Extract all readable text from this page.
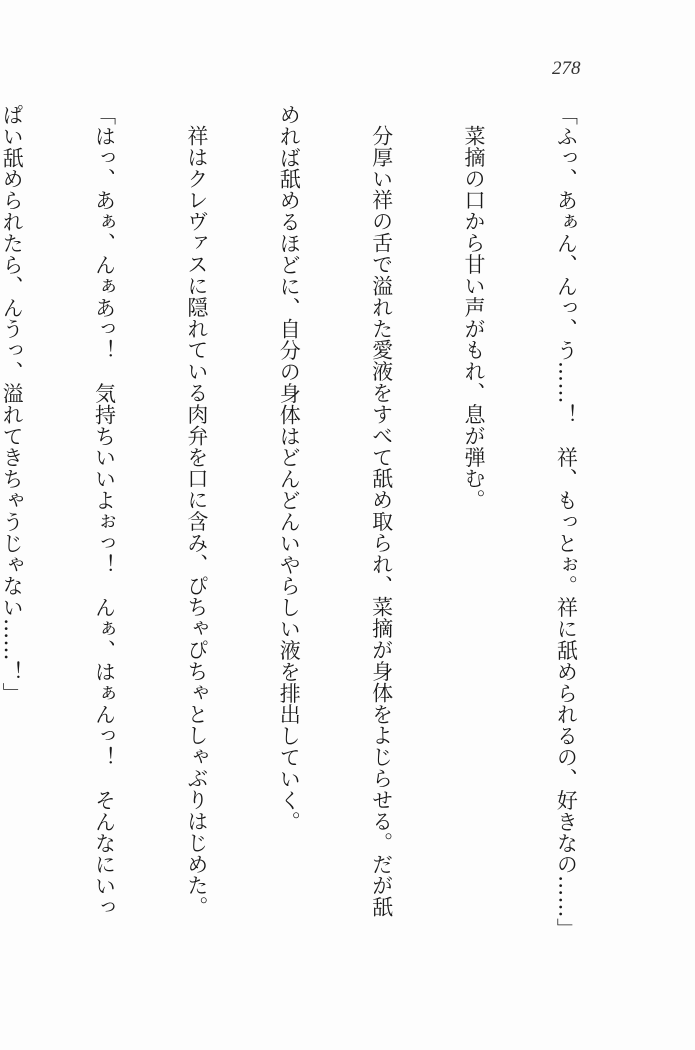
278

「ふっ、あぁん、んっ、う……！　祥、もっとぉ。祥に舐められるの、好きなの……」

菜摘の口から甘い声がもれ、息が弾む。

分厚い祥の舌で溢れた愛液をすべて舐め取られ、菜摘が身体をよじらせる。だが舐

めれば舐めるほどに、自分の身体はどんどんいやらしい液を排出していく。

祥はクレヴァスに隠れている肉弁を口に含み、ぴちゃぴちゃとしゃぶりはじめた。

「はっ、あぁ、んぁあっ！　気持ちいいよぉっ！　んぁ、はぁんっ！　そんなにいっ

ぱい舐められたら、んうっ、溢れてきちゃうじゃない……！」
